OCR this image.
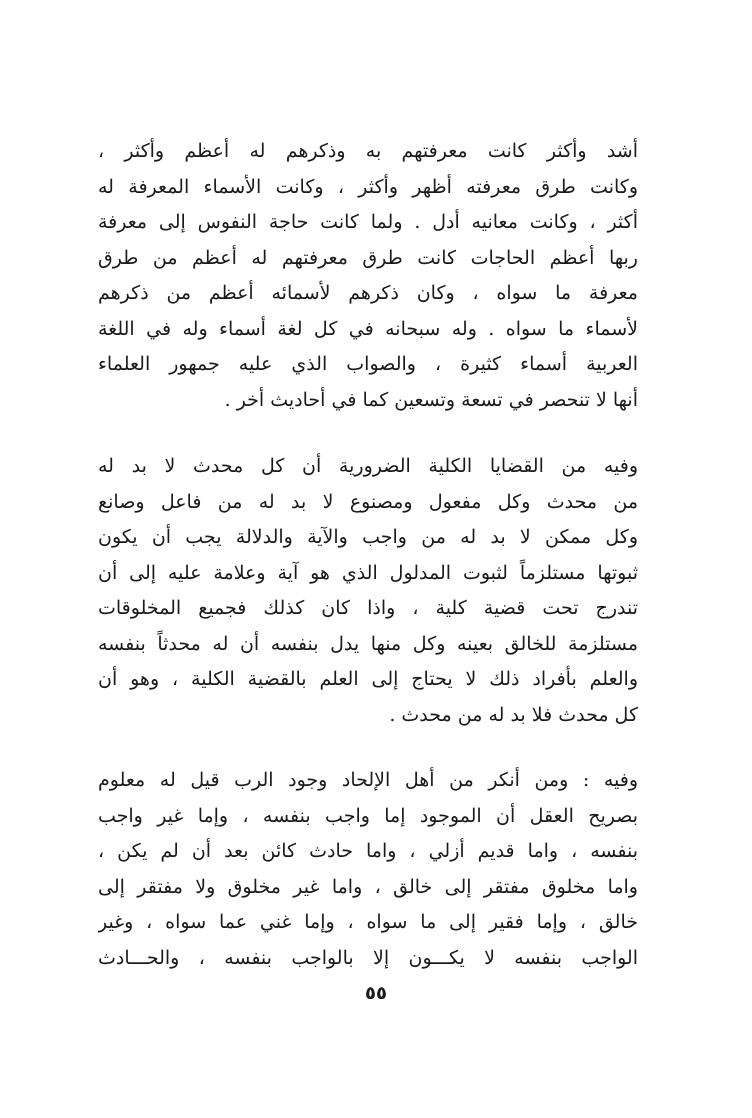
أشد وأكثر كانت معرفتهم به وذكرهم له أعظم وأكثر ،
وكانت طرق معرفته أظهر وأكثر ، وكانت الأسماء المعرفة له
أكثر ، وكانت معانيه أدل . ولما كانت حاجة النفوس إلى معرفة
ربها أعظم الحاجات كانت طرق معرفتهم له أعظم من طرق
معرفة ما سواه ، وكان ذكرهم لأسمائه أعظم من ذكرهم
لأسماء ما سواه . وله سبحانه في كل لغة أسماء وله في اللغة
العربية أسماء كثيرة ، والصواب الذي عليه جمهور العلماء
أنها لا تنحصر في تسعة وتسعين كما في أحاديث أخر .
وفيه من القضايا الكلية الضرورية أن كل محدث لا بد له
من محدث وكل مفعول ومصنوع لا بد له من فاعل وصانع
وكل ممكن لا بد له من واجب والآية والدلالة يجب أن يكون
ثبوتها مستلزماً لثبوت المدلول الذي هو آية وعلامة عليه إلى أن
تندرج تحت قضية كلية ، واذا كان كذلك فجميع المخلوقات
مستلزمة للخالق بعينه وكل منها يدل بنفسه أن له محدثاً بنفسه
والعلم بأفراد ذلك لا يحتاج إلى العلم بالقضية الكلية ، وهو أن
كل محدث فلا بد له من محدث .
وفيه : ومن أنكر من أهل الإلحاد وجود الرب قيل له معلوم
بصريح العقل أن الموجود إما واجب بنفسه ، وإما غير واجب
بنفسه ، واما قديم أزلي ، واما حادث كائن بعد أن لم يكن ،
واما مخلوق مفتقر إلى خالق ، واما غير مخلوق ولا مفتقر إلى
خالق ، وإما فقير إلى ما سواه ، وإما غني عما سواه ، وغير
الواجب بنفسه لا يكـــون إلا بالواجب بنفسه ، والحـــادث
٥٥
